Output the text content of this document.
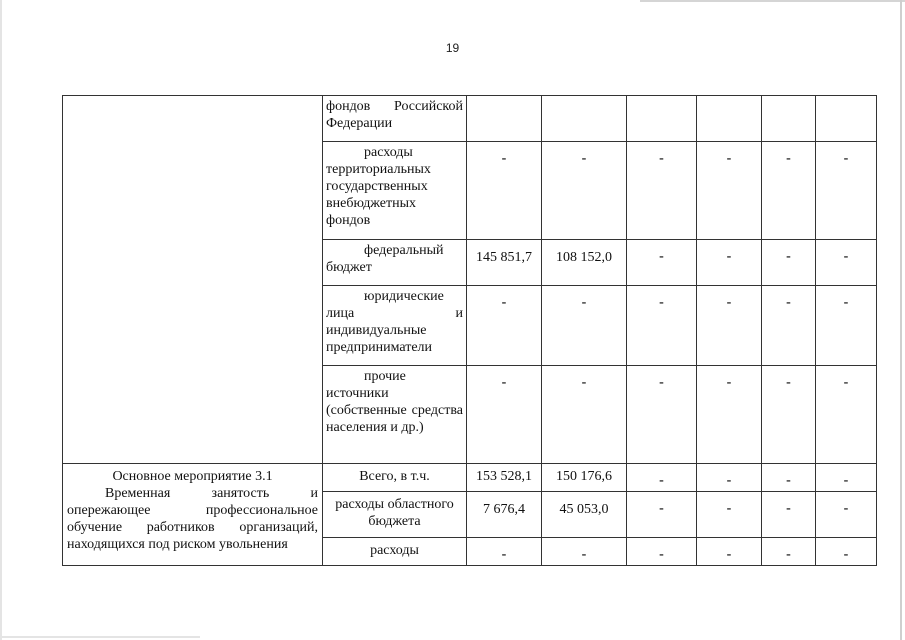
19
	фондов Российской Федерации						

	расходы территориальных государственных внебюджетных фондов	-	-	-	-	-	-

	федеральный бюджет	145 851,7	108 152,0	-	-	-	-

	юридические лица и индивидуальные предприниматели	-	-	-	-	-	-

	прочие источники (собственные средства населения и др.)	-	-	-	-	-	-

Основное мероприятие 3.1
Временная занятость и опережающее профессиональное обучение работников организаций, находящихся под риском увольнения	Всего, в т.ч.	153 528,1	150 176,6	-	-	-	-
	расходы областного бюджета	7 676,4	45 053,0	-	-	-	-
	расходы	-	-	-	-	-	-
